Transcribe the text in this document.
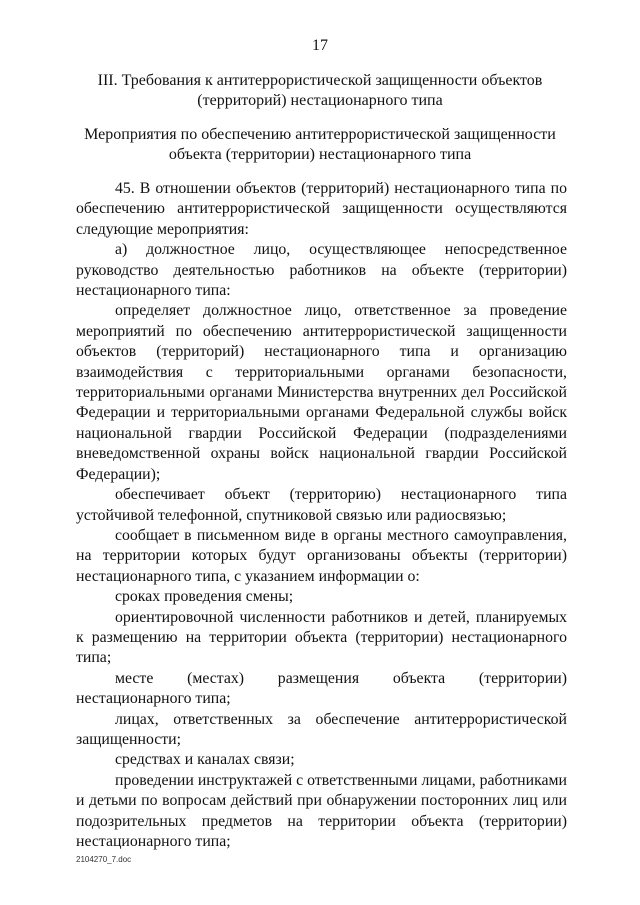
17
III. Требования к антитеррористической защищенности объектов (территорий) нестационарного типа
Мероприятия по обеспечению антитеррористической защищенности объекта (территории) нестационарного типа

45. В отношении объектов (территорий) нестационарного типа по обеспечению антитеррористической защищенности осуществляются следующие мероприятия:

а) должностное лицо, осуществляющее непосредственное руководство деятельностью работников на объекте (территории) нестационарного типа:

определяет должностное лицо, ответственное за проведение мероприятий по обеспечению антитеррористической защищенности объектов (территорий) нестационарного типа и организацию взаимодействия с территориальными органами безопасности, территориальными органами Министерства внутренних дел Российской Федерации и территориальными органами Федеральной службы войск национальной гвардии Российской Федерации (подразделениями вневедомственной охраны войск национальной гвардии Российской Федерации);

обеспечивает объект (территорию) нестационарного типа устойчивой телефонной, спутниковой связью или радиосвязью;

сообщает в письменном виде в органы местного самоуправления, на территории которых будут организованы объекты (территории) нестационарного типа, с указанием информации о:

сроках проведения смены;

ориентировочной численности работников и детей, планируемых к размещению на территории объекта (территории) нестационарного типа;

месте (местах) размещения объекта (территории) нестационарного типа;

лицах, ответственных за обеспечение антитеррористической защищенности;

средствах и каналах связи;

проведении инструктажей с ответственными лицами, работниками и детьми по вопросам действий при обнаружении посторонних лиц или подозрительных предметов на территории объекта (территории) нестационарного типа;

2104270_7.doc
